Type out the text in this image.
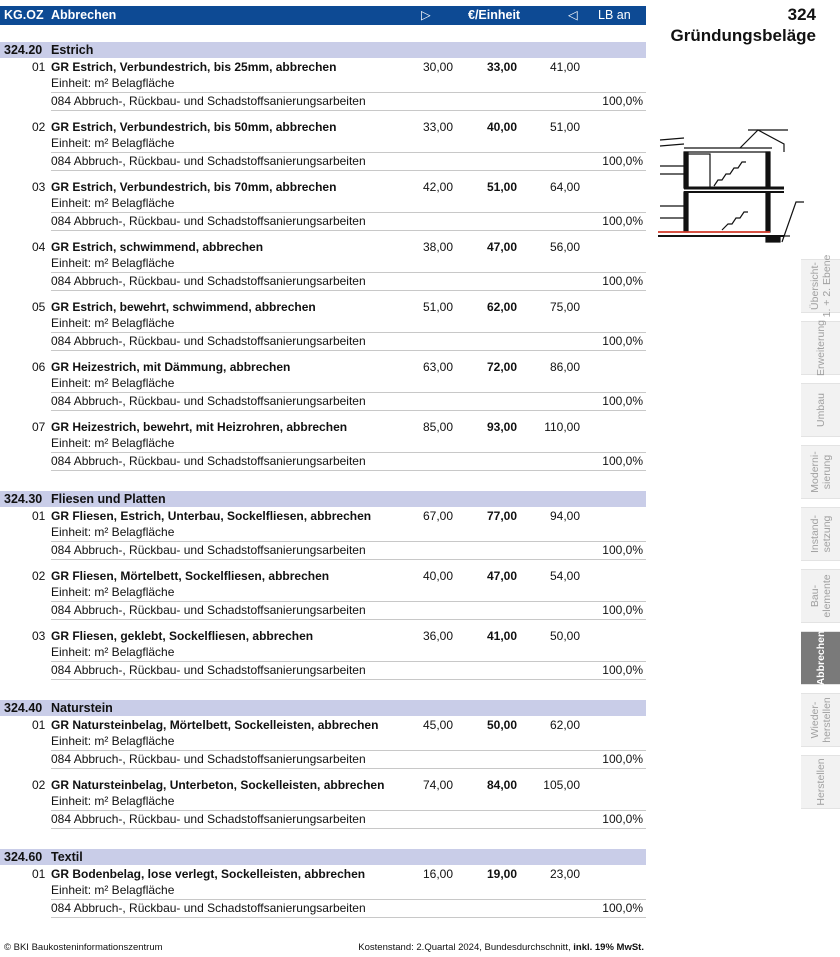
KG.OZ Abbrechen	▷	€/Einheit	◁ LB an AA
324
Gründungsbeläge
324.20 Estrich
01 GR Estrich, Verbundestrich, bis 25mm, abbrechen	30,00	33,00	41,00
Einheit: m² Belagfläche
084 Abbruch-, Rückbau- und Schadstoffsanierungsarbeiten	100,0%
02 GR Estrich, Verbundestrich, bis 50mm, abbrechen	33,00	40,00	51,00
Einheit: m² Belagfläche
084 Abbruch-, Rückbau- und Schadstoffsanierungsarbeiten	100,0%
03 GR Estrich, Verbundestrich, bis 70mm, abbrechen	42,00	51,00	64,00
Einheit: m² Belagfläche
084 Abbruch-, Rückbau- und Schadstoffsanierungsarbeiten	100,0%
04 GR Estrich, schwimmend, abbrechen	38,00	47,00	56,00
Einheit: m² Belagfläche
084 Abbruch-, Rückbau- und Schadstoffsanierungsarbeiten	100,0%
05 GR Estrich, bewehrt, schwimmend, abbrechen	51,00	62,00	75,00
Einheit: m² Belagfläche
084 Abbruch-, Rückbau- und Schadstoffsanierungsarbeiten	100,0%
06 GR Heizestrich, mit Dämmung, abbrechen	63,00	72,00	86,00
Einheit: m² Belagfläche
084 Abbruch-, Rückbau- und Schadstoffsanierungsarbeiten	100,0%
07 GR Heizestrich, bewehrt, mit Heizrohren, abbrechen	85,00	93,00	110,00
Einheit: m² Belagfläche
084 Abbruch-, Rückbau- und Schadstoffsanierungsarbeiten	100,0%
324.30 Fliesen und Platten
01 GR Fliesen, Estrich, Unterbau, Sockelfliesen, abbrechen	67,00	77,00	94,00
Einheit: m² Belagfläche
084 Abbruch-, Rückbau- und Schadstoffsanierungsarbeiten	100,0%
02 GR Fliesen, Mörtelbett, Sockelfliesen, abbrechen	40,00	47,00	54,00
Einheit: m² Belagfläche
084 Abbruch-, Rückbau- und Schadstoffsanierungsarbeiten	100,0%
03 GR Fliesen, geklebt, Sockelfliesen, abbrechen	36,00	41,00	50,00
Einheit: m² Belagfläche
084 Abbruch-, Rückbau- und Schadstoffsanierungsarbeiten	100,0%
324.40 Naturstein
01 GR Natursteinbelag, Mörtelbett, Sockelleisten, abbrechen	45,00	50,00	62,00
Einheit: m² Belagfläche
084 Abbruch-, Rückbau- und Schadstoffsanierungsarbeiten	100,0%
02 GR Natursteinbelag, Unterbeton, Sockelleisten, abbrechen	74,00	84,00	105,00
Einheit: m² Belagfläche
084 Abbruch-, Rückbau- und Schadstoffsanierungsarbeiten	100,0%
324.60 Textil
01 GR Bodenbelag, lose verlegt, Sockelleisten, abbrechen	16,00	19,00	23,00
Einheit: m² Belagfläche
084 Abbruch-, Rückbau- und Schadstoffsanierungsarbeiten	100,0%
Übersicht-
1. + 2. Ebene
Erweiterung
Umbau
Moderni-
sierung
Instand-
setzung
Bau-
elemente
Abbrechen
Wieder-
herstellen
Herstellen
© BKI Baukosteninformationszentrum	Kostenstand: 2.Quartal 2024, Bundesdurchschnitt, inkl. 19% MwSt.
